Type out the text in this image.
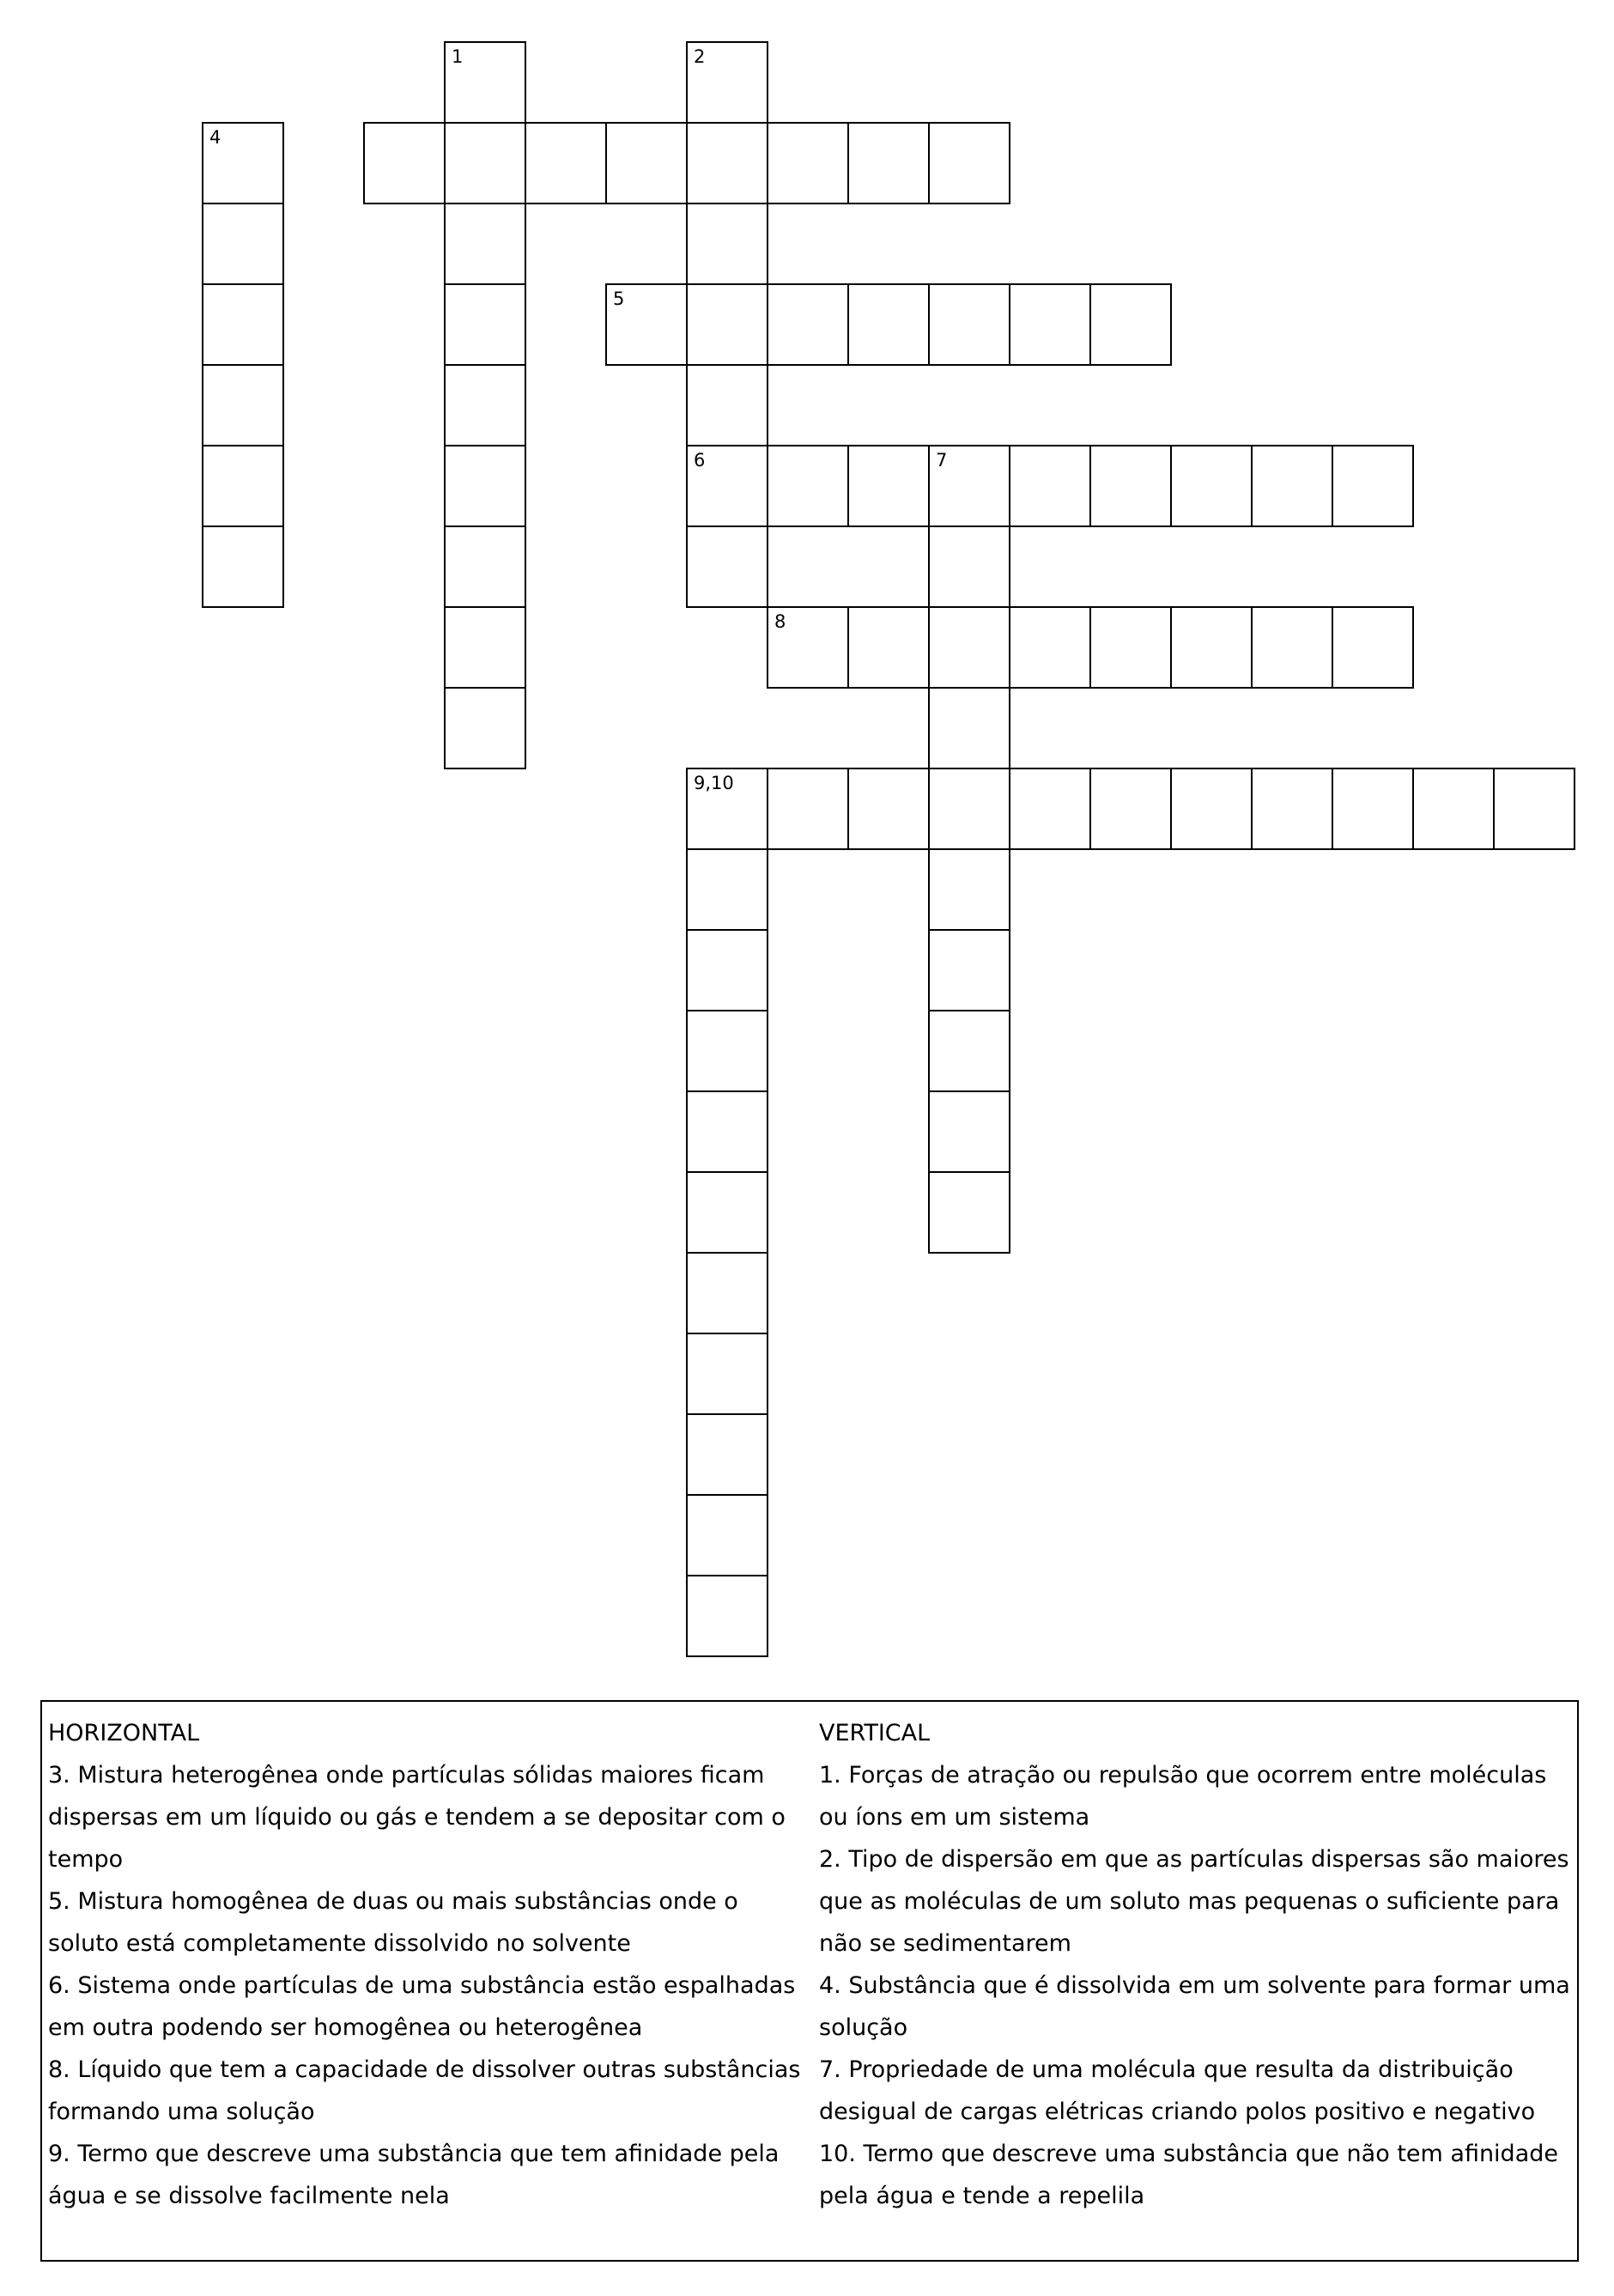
4
1	2
6
5
7
8
9,10
HORIZONTAL
3. Mistura heterogênea onde partículas sólidas maiores ficam dispersas em um líquido ou gás e tendem a se depositar com o tempo
5. Mistura homogênea de duas ou mais substâncias onde o soluto está completamente dissolvido no solvente
6. Sistema onde partículas de uma substância estão espalhadas em outra podendo ser homogênea ou heterogênea
8. Líquido que tem a capacidade de dissolver outras substâncias formando uma solução
9. Termo que descreve uma substância que tem afinidade pela água e se dissolve facilmente nela
VERTICAL
1. Forças de atração ou repulsão que ocorrem entre moléculas ou íons em um sistema
2. Tipo de dispersão em que as partículas dispersas são maiores que as moléculas de um soluto mas pequenas o suficiente para não se sedimentarem
4. Substância que é dissolvida em um solvente para formar uma solução
7. Propriedade de uma molécula que resulta da distribuição desigual de cargas elétricas criando polos positivo e negativo
10. Termo que descreve uma substância que não tem afinidade pela água e tende a repelila
